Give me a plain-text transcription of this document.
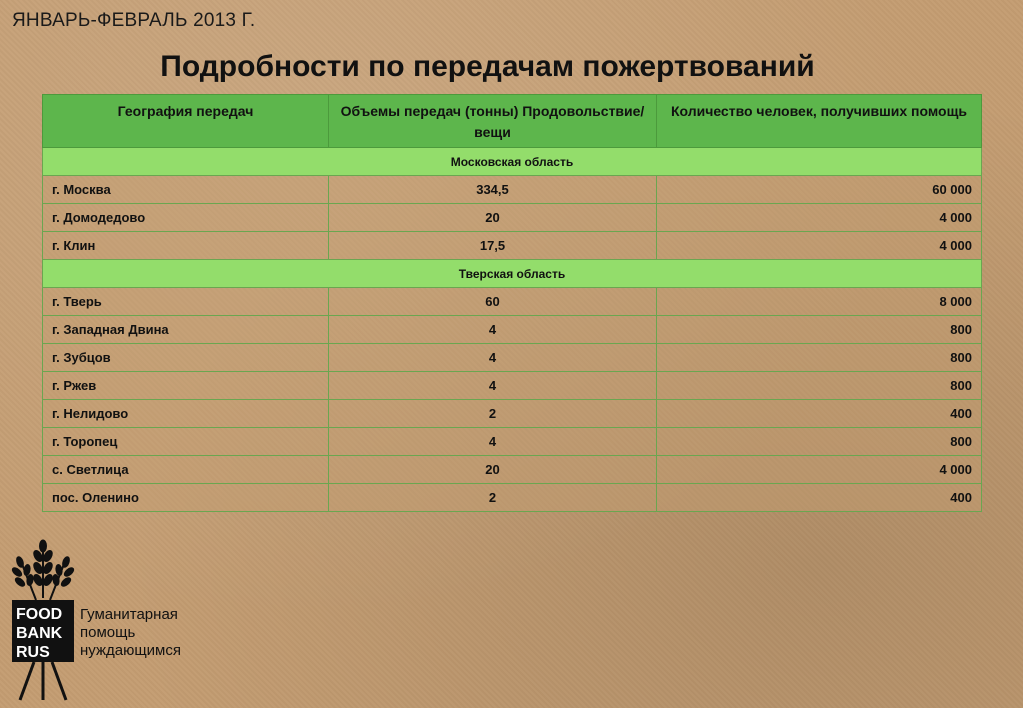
ЯНВАРЬ-ФЕВРАЛЬ 2013 Г.
Подробности по передачам пожертвований
География передач	Объемы передач (тонны) Продовольствие/вещи	Количество человек, получивших помощь
Московская область		
г. Москва	334,5	60 000
г. Домодедово	20	4 000
г. Клин	17,5	4 000
Тверская область		
г. Тверь	60	8 000
г. Западная Двина	4	800
г. Зубцов	4	800
г. Ржев	4	800
г. Нелидово	2	400
г. Торопец	4	800
с. Светлица	20	4 000
пос. Оленино	2	400
FOOD
BANK
RUS
Гуманитарная
помощь
нуждающимся
